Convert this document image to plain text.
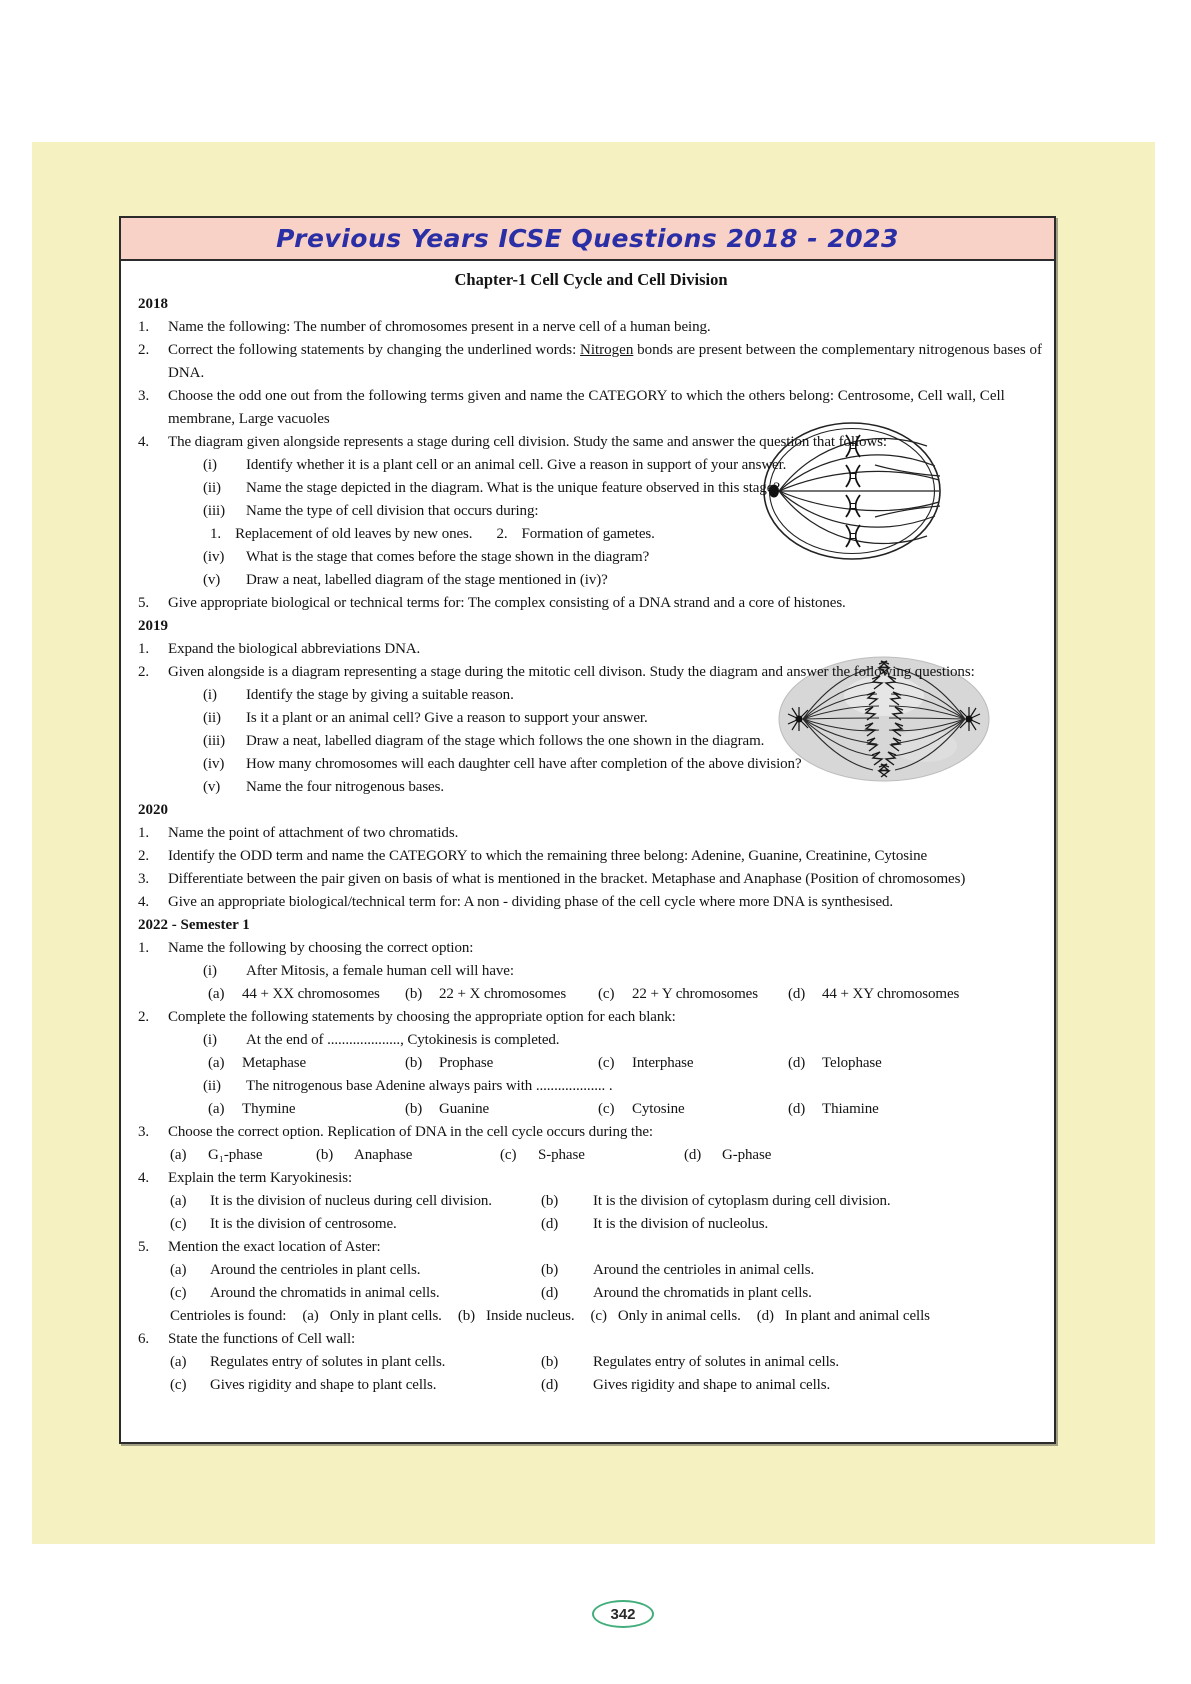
Previous Years ICSE Questions 2018 - 2023
Chapter-1 Cell Cycle and Cell Division
2018
1.	Name the following: The number of chromosomes present in a nerve cell of a human being.
2.	Correct the following statements by changing the underlined words: Nitrogen bonds are present between the complementary nitrogenous bases of DNA.
3.	Choose the odd one out from the following terms given and name the CATEGORY to which the others belong: Centrosome, Cell wall, Cell membrane, Large vacuoles
4.	The diagram given alongside represents a stage during cell division. Study the same and answer the question that follows:
(i)	Identify whether it is a plant cell or an animal cell. Give a reason in support of your answer.
(ii)	Name the stage depicted in the diagram. What is the unique feature observed in this stage?
(iii)	Name the type of cell division that occurs during:
1. Replacement of old leaves by new ones. 2. Formation of gametes.
(iv)	What is the stage that comes before the stage shown in the diagram?
(v)	Draw a neat, labelled diagram of the stage mentioned in (iv)?
5.	Give appropriate biological or technical terms for: The complex consisting of a DNA strand and a core of histones.
2019
1.	Expand the biological abbreviations DNA.
2.	Given alongside is a diagram representing a stage during the mitotic cell divison. Study the diagram and answer the following questions:
(i)	Identify the stage by giving a suitable reason.
(ii)	Is it a plant or an animal cell? Give a reason to support your answer.
(iii)	Draw a neat, labelled diagram of the stage which follows the one shown in the diagram.
(iv)	How many chromosomes will each daughter cell have after completion of the above division?
(v)	Name the four nitrogenous bases.
2020
1.	Name the point of attachment of two chromatids.
2.	Identify the ODD term and name the CATEGORY to which the remaining three belong: Adenine, Guanine, Creatinine, Cytosine
3.	Differentiate between the pair given on basis of what is mentioned in the bracket. Metaphase and Anaphase (Position of chromosomes)
4.	Give an appropriate biological/technical term for: A non - dividing phase of the cell cycle where more DNA is synthesised.
2022 - Semester 1
1.	Name the following by choosing the correct option:
(i)	After Mitosis, a female human cell will have:
(a)	44 + XX chromosomes (b)	22 + X chromosomes (c)	22 + Y chromosomes (d)	44 + XY chromosomes
2.	Complete the following statements by choosing the appropriate option for each blank:
(i)	At the end of ...................., Cytokinesis is completed.
(a)	Metaphase	(b)	Prophase	(c)	Interphase	(d)	Telophase
(ii)	The nitrogenous base Adenine always pairs with ................... .
(a)	Thymine	(b)	Guanine	(c)	Cytosine	(d)	Thiamine
3.	Choose the correct option. Replication of DNA in the cell cycle occurs during the:
(a)	G₁-phase	(b)	Anaphase	(c)	S-phase	(d)	G-phase
4.	Explain the term Karyokinesis:
(a)	It is the division of nucleus during cell division.	(b)	It is the division of cytoplasm during cell division.
(c)	It is the division of centrosome.	(d)	It is the division of nucleolus.
5.	Mention the exact location of Aster:
(a)	Around the centrioles in plant cells.	(b)	Around the centrioles in animal cells.
(c)	Around the chromatids in animal cells.	(d)	Around the chromatids in plant cells.
Centrioles is found: (a) Only in plant cells. (b) Inside nucleus. (c) Only in animal cells. (d) In plant and animal cells
6.	State the functions of Cell wall:
(a)	Regulates entry of solutes in plant cells.	(b)	Regulates entry of solutes in animal cells.
(c)	Gives rigidity and shape to plant cells.	(d)	Gives rigidity and shape to animal cells.
342
